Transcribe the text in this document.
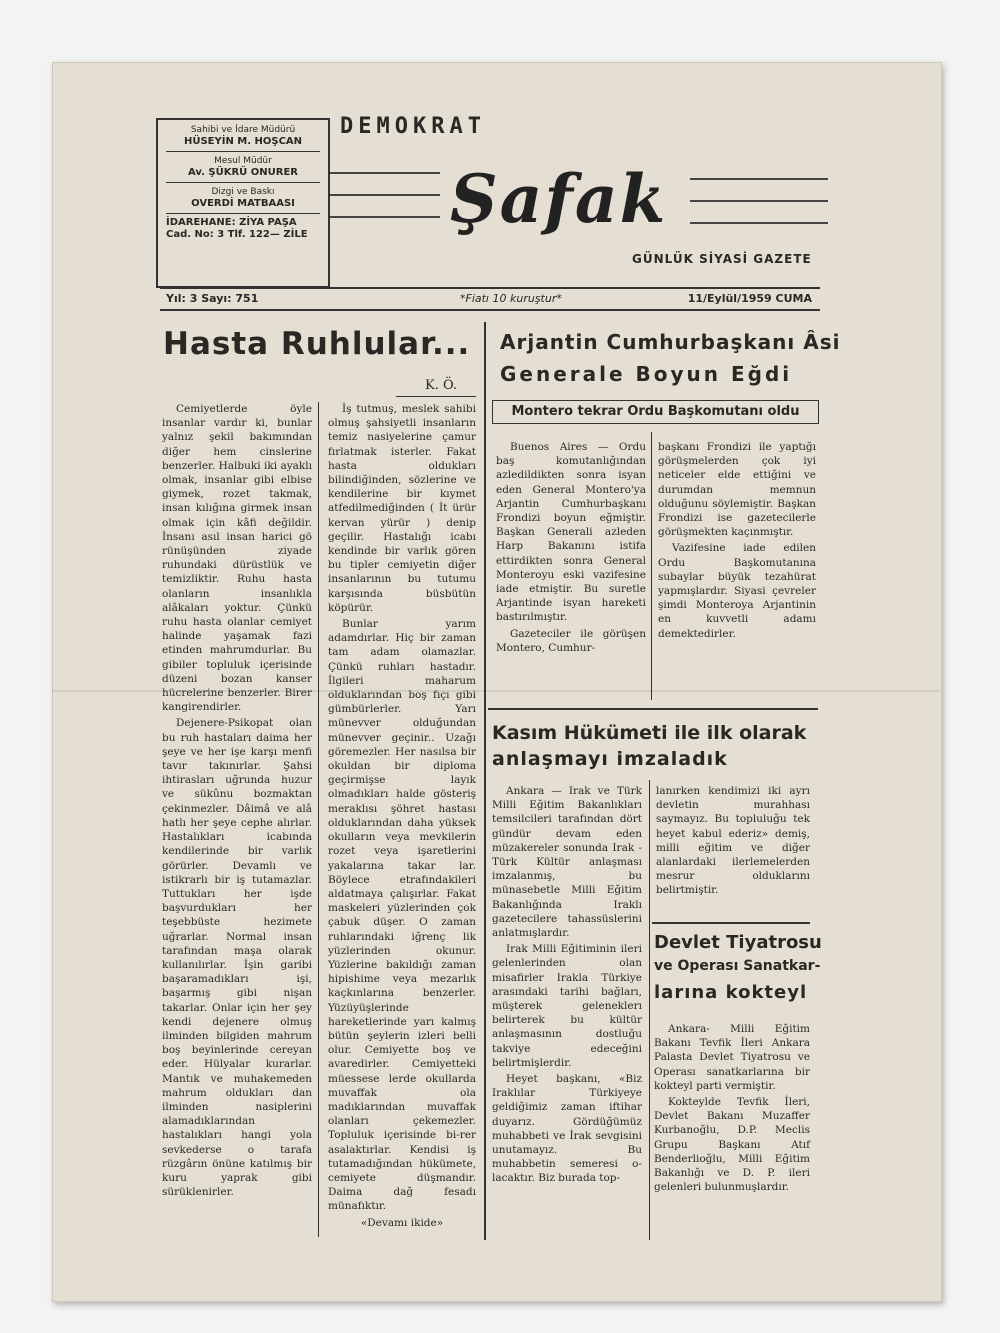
Sahibi ve İdare Müdürü
HÜSEYİN M. HOŞCAN
Mesul Müdür
Av. ŞÜKRÜ ONURER
Dizgi ve Baskı
OVERDİ MATBAASI
İDAREHANE: ZİYA PAŞA
Cad. No: 3 Tlf. 122— ZİLE
DEMOKRAT
Şafak
GÜNLÜK SİYASİ GAZETE
Yıl: 3 Sayı: 751	*Fiatı 10 kuruştur*	11/Eylül/1959 CUMA
Hasta Ruhlular...
K. Ö.

Cemiyetlerde öyle insanlar vardır ki, bunlar yalnız şekil bakımından diğer hem cinslerine benzerler. Halbuki iki ayaklı olmak, insanlar gibi elbise giymek, rozet takmak, insan kılığına girmek insan olmak için kâfi değildir. İnsanı asıl insan harici gö rünüşünden ziyade ruhundaki dürüstlük ve temizliktir. Ruhu hasta olanların insanlıkla alâkaları yoktur. Çünkü ruhu hasta olanlar cemiyet halinde yaşamak fazi etinden mahrumdurlar. Bu gibiler topluluk içerisinde düzeni bozan kanser hücrelerine benzerler. Birer kangirendirler.

Dejenere-Psikopat olan bu ruh hastaları daima her şeye ve her işe karşı menfi tavır takınırlar. Şahsi ihtirasları uğrunda huzur ve sükûnu bozmaktan çekinmezler. Dâimâ ve alâ hatlı her şeye cephe alırlar. Hastalıkları icabında kendilerinde bir varlık görürler. Devamlı ve istikrarlı bir iş tutamazlar. Tuttukları her işde başvurdukları her teşebbüste hezimete uğrarlar. Normal insan tarafından maşa olarak kullanılırlar. İşin garibi başaramadıkları işi, başarmış gibi nişan takarlar. Onlar için her şey kendi dejenere olmuş ilminden bilgiden mahrum boş beyinlerinde cereyan eder. Hülyalar kurarlar. Mantık ve muhakemeden mahrum oldukları dan ilminden nasiplerini alamadıklarından hastalıkları hangi yola sevkederse o tarafa rüzgârın önüne katılmış bir kuru yaprak gibi sürüklenirler.

İş tutmuş, meslek sahibi olmuş şahsiyetli insanların temiz nasiyelerine çamur fırlatmak isterler. Fakat hasta oldukları bilindiğinden, sözlerine ve kendilerine bir kıymet atfedilmediğinden ( İt ürür kervan yürür ) denip geçilir. Hastalığı icabı kendinde bir varlık gören bu tipler cemiyetin diğer insanlarının bu tutumu karşısında büsbütün köpürür.

Bunlar yarım adamdırlar. Hiç bir zaman tam adam olamazlar. Çünkü ruhları hastadır. İlgileri maharum olduklarından boş fıçı gibi gümbürlerler. Yarı münevver olduğundan münevver geçinir.. Uzağı göremezler. Her nasılsa bir okuldan bir diploma geçirmişse layık olmadıkları halde gösteriş meraklısı şöhret hastası olduklarından daha yüksek okulların veya mevkilerin rozet veya işaretlerini yakalarına takar lar. Böylece etrafındakileri aldatmaya çalışırlar. Fakat maskeleri yüzlerinden çok çabuk düşer. O zaman ruhlarındaki iğrenç lik yüzlerinden okunur. Yüzlerine bakıldığı zaman hipishime veya mezarlık kaçkınlarına benzerler. Yüzüyüşlerinde hareketlerinde yarı kalmış bütün şeylerin izleri belli olur. Cemiyette boş ve avaredirler. Cemiyetteki müessese lerde okullarda muvaffak ola madıklarından muvaffak olanları çekemezler. Topluluk içerisinde bi-rer asalaktırlar. Kendisi iş tutamadığından hükümete, cemiyete düşmandır. Daima dağ fesadı münafıktır.

«Devamı ikide»
Arjantin Cumhurbaşkanı Âsi
Generale Boyun Eğdi
Montero tekrar Ordu Başkomutanı oldu

Buenos Aires — Ordu baş komutanlığından azledildikten sonra isyan eden General Montero'ya Arjantin Cumhurbaşkanı Frondizi boyun eğmiştir. Başkan Generali azleden Harp Bakanını istifa ettirdikten sonra General Monteroyu eski vazifesine iade etmiştir. Bu suretle Arjantinde isyan hareketi bastırılmıştır.

Gazeteciler ile görüşen Montero, Cumhur-

başkanı Frondizi ile yaptığı görüşmelerden çok iyi neticeler elde ettiğini ve durumdan memnun olduğunu söylemiştir. Başkan Frondizi ise gazetecilerle görüşmekten kaçınmıştır.

Vazifesine iade edilen Ordu Başkomutanına subaylar büyük tezahürat yapmışlardır. Siyasi çevreler şimdi Monteroya Arjantinin en kuvvetli adamı demektedirler.

Kasım Hükümeti ile ilk olarak
anlaşmayı imzaladık

Ankara — Irak ve Türk Milli Eğitim Bakanlıkları temsilcileri tarafından dört gündür devam eden müzakereler sonunda Irak - Türk Kültür anlaşması imzalanmış, bu münasebetle Milli Eğitim Bakanlığında Iraklı gazetecilere tahassüslerini anlatmışlardır.

Irak Milli Eğitiminin ileri gelenlerinden olan misafirler Irakla Türkiye arasındaki tarihi bağları, müşterek geleneklerı belirterek bu kültür anlaşmasının dostluğu takviye edeceğini belirtmişlerdir.

Heyet başkanı, «Biz Iraklılar Türkiyeye geldiğimiz zaman iftihar duyarız. Gördüğümüz muhabbeti ve İrak sevgisini unutamayız. Bu muhabbetin semeresi o-lacaktır. Biz burada top-

lanırken kendimizi iki ayrı devletin murahhası saymayız. Bu topluluğu tek heyet kabul ederiz» demiş, milli eğitim ve diğer alanlardaki ilerlemelerden mesrur olduklarını belirtmiştir.

Devlet Tiyatrosu
ve Operası Sanatkar-
larına kokteyl

Ankara- Milli Eğitim Bakanı Tevfik İleri Ankara Palasta Devlet Tiyatrosu ve Operası sanatkarlarına bir kokteyl parti vermiştir.

Kokteylde Tevfik İleri, Devlet Bakanı Muzaffer Kurbanoğlu, D.P. Meclis Grupu Başkanı Atıf Benderlioğlu, Milli Eğitim Bakanlığı ve D. P. ileri gelenleri bulunmuşlardır.
